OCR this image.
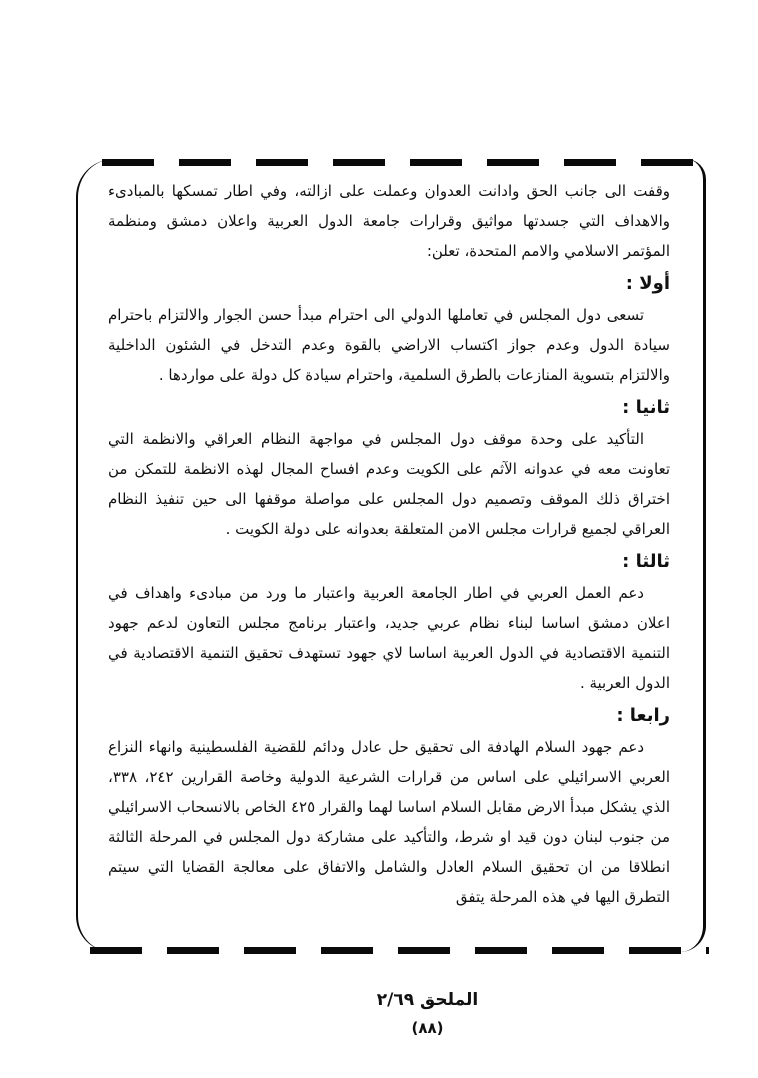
وقفت الى جانب الحق وادانت العدوان وعملت على ازالته، وفي اطار تمسكها بالمبادىء والاهداف التي جسدتها مواثيق وقرارات جامعة الدول العربية واعلان دمشق ومنظمة المؤتمر الاسلامي والامم المتحدة، تعلن:

أولا :

تسعى دول المجلس في تعاملها الدولي الى احترام مبدأ حسن الجوار والالتزام باحترام سيادة الدول وعدم جواز اكتساب الاراضي بالقوة وعدم التدخل في الشئون الداخلية والالتزام بتسوية المنازعات بالطرق السلمية، واحترام سيادة كل دولة على مواردها .

ثانيا :

التأكيد على وحدة موقف دول المجلس في مواجهة النظام العراقي والانظمة التي تعاونت معه في عدوانه الآثم على الكويت وعدم افساح المجال لهذه الانظمة للتمكن من اختراق ذلك الموقف وتصميم دول المجلس على مواصلة موقفها الى حين تنفيذ النظام العراقي لجميع قرارات مجلس الامن المتعلقة بعدوانه على دولة الكويت .

ثالثا :

دعم العمل العربي في اطار الجامعة العربية واعتبار ما ورد من مبادىء واهداف في اعلان دمشق اساسا لبناء نظام عربي جديد، واعتبار برنامج مجلس التعاون لدعم جهود التنمية الاقتصادية في الدول العربية اساسا لاي جهود تستهدف تحقيق التنمية الاقتصادية في الدول العربية .

رابعا :

دعم جهود السلام الهادفة الى تحقيق حل عادل ودائم للقضية الفلسطينية وانهاء النزاع العربي الاسرائيلي على اساس من قرارات الشرعية الدولية وخاصة القرارين ٢٤٢، ٣٣٨، الذي يشكل مبدأ الارض مقابل السلام اساسا لهما والقرار ٤٢٥ الخاص بالانسحاب الاسرائيلي من جنوب لبنان دون قيد او شرط، والتأكيد على مشاركة دول المجلس في المرحلة الثالثة انطلاقا من ان تحقيق السلام العادل والشامل والاتفاق على معالجة القضايا التي سيتم التطرق اليها في هذه المرحلة يتفق

الملحق ٢/٦٩
(٨٨)
